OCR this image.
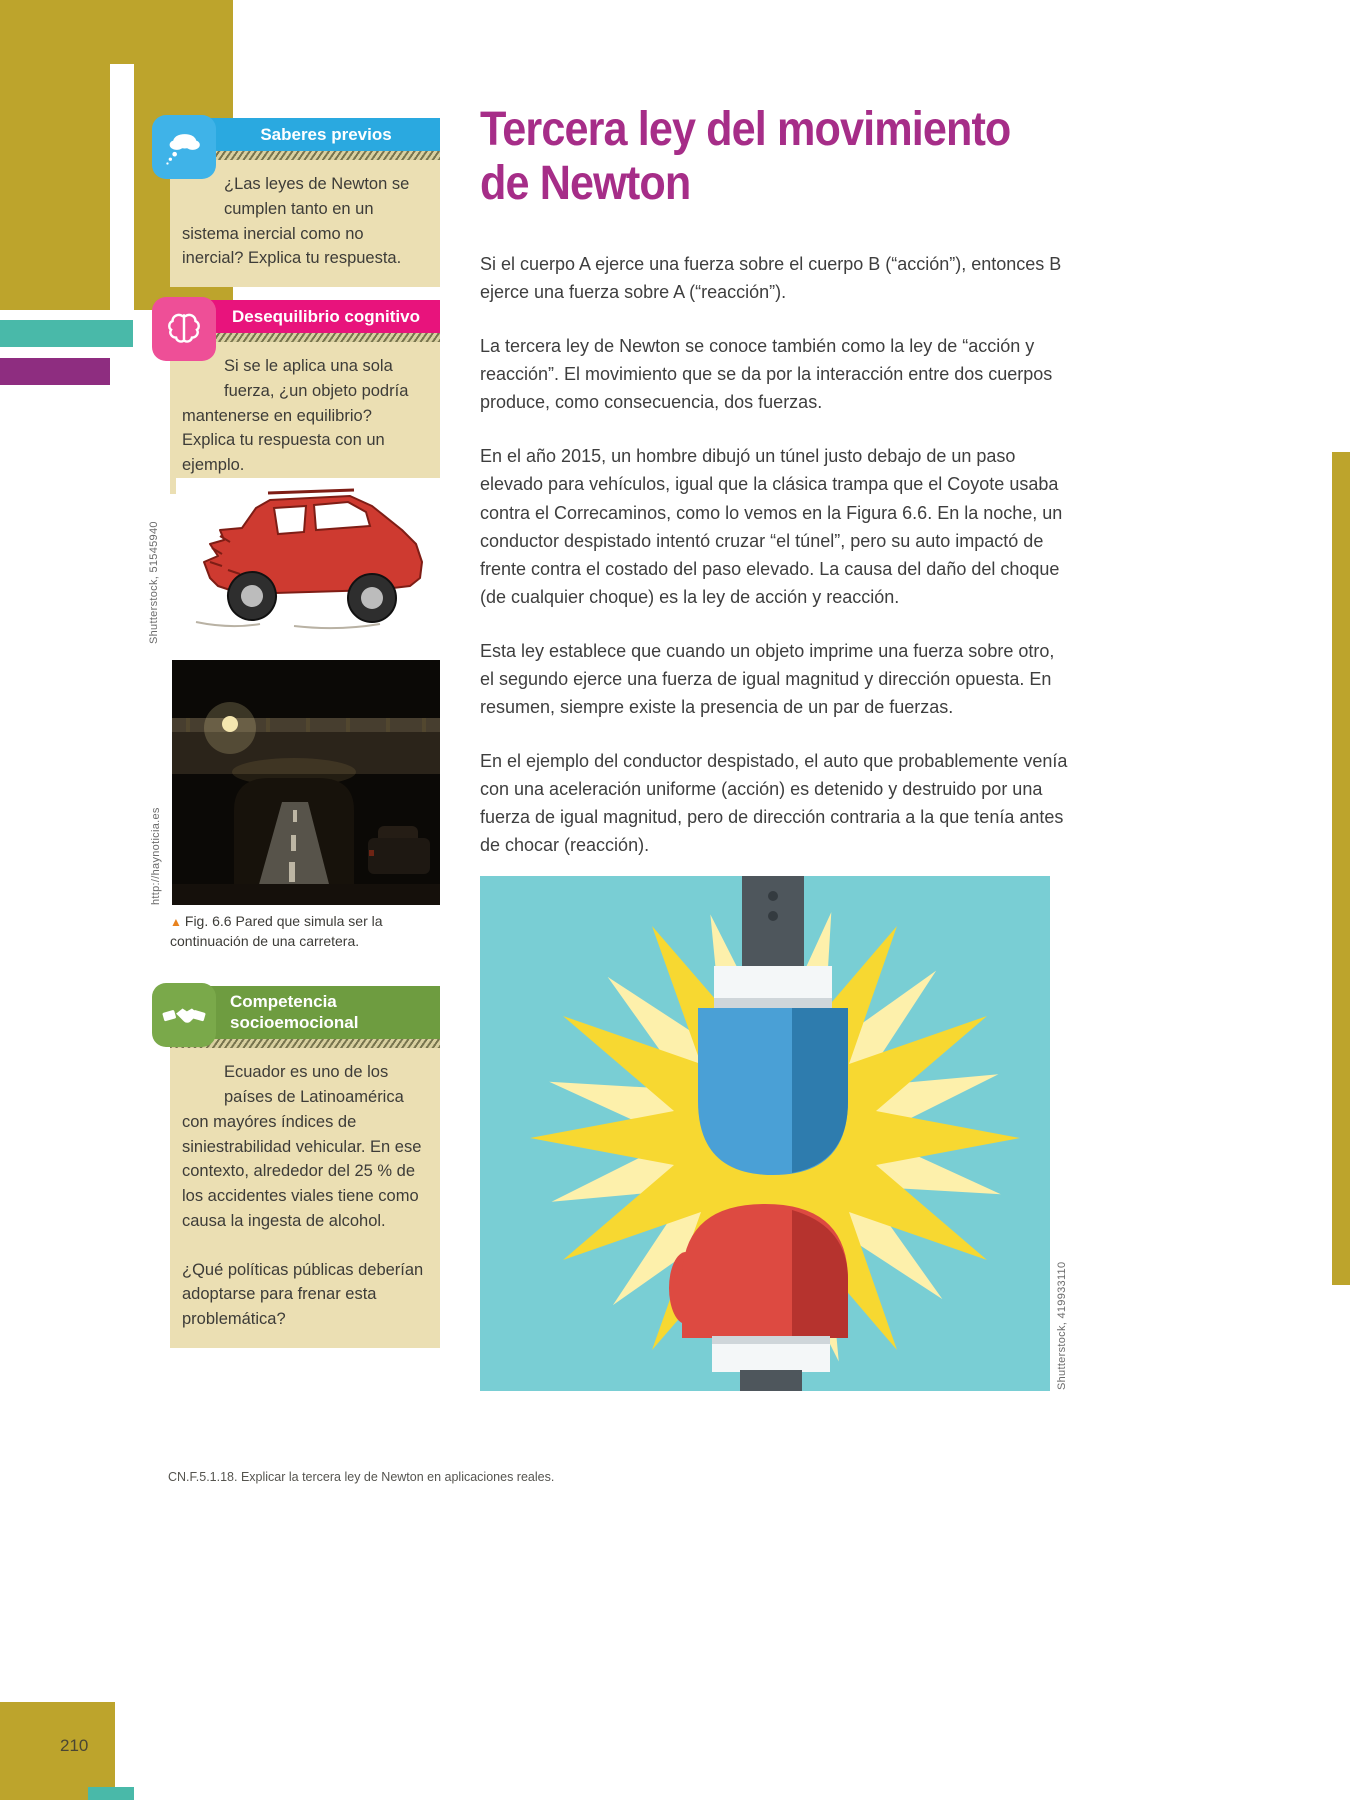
210
Saberes previos
¿Las leyes de Newton se cumplen tanto en un sistema inercial como no inercial? Explica tu respuesta.
Desequilibrio cognitivo
Si se le aplica una sola fuerza, ¿un objeto podría mantenerse en equilibrio? Explica tu respuesta con un ejemplo.
Shutterstock, 51545940
http://haynoticia.es
▲ Fig. 6.6 Pared que simula ser la continuación de una carretera.
Competencia
socioemocional

Ecuador es uno de los países de Latinoamérica con mayóres índices de siniestrabilidad vehicular. En ese contexto, alrededor del 25 % de los accidentes viales tiene como causa la ingesta de alcohol.

¿Qué políticas públicas deberían adoptarse para frenar esta problemática?

Tercera ley del movimiento
de Newton

Si el cuerpo A ejerce una fuerza sobre el cuerpo B (“acción”), entonces B ejerce una fuerza sobre A (“reacción”).

La tercera ley de Newton se conoce también como la ley de “acción y reacción”. El movimiento que se da por la interacción entre dos cuerpos produce, como consecuencia, dos fuerzas.

En el año 2015, un hombre dibujó un túnel justo debajo de un paso elevado para vehículos, igual que la clásica trampa que el Coyote usaba contra el Correcaminos, como lo vemos en la Figura 6.6. En la noche, un conductor despistado intentó cruzar “el túnel”, pero su auto impactó de frente contra el costado del paso elevado. La causa del daño del choque (de cualquier choque) es la ley de acción y reacción.

Esta ley establece que cuando un objeto imprime una fuerza sobre otro, el segundo ejerce una fuerza de igual magnitud y dirección opuesta. En resumen, siempre existe la presencia de un par de fuerzas.

En el ejemplo del conductor despistado, el auto que probablemente venía con una aceleración uniforme (acción) es detenido y destruido por una fuerza de igual magnitud, pero de dirección contraria a la que tenía antes de chocar (reacción).

Shutterstock, 419933110
CN.F.5.1.18. Explicar la tercera ley de Newton en aplicaciones reales.
